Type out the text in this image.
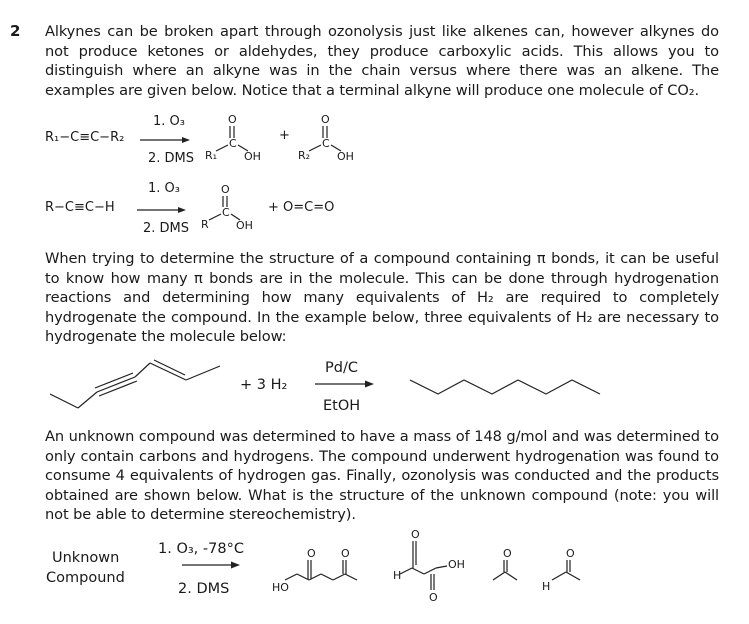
2 Alkynes can be broken apart through ozonolysis just like alkenes can, however alkynes do not produce ketones or aldehydes, they produce carboxylic acids. This allows you to distinguish where an alkyne was in the chain versus where there was an alkene. The examples are given below. Notice that a terminal alkyne will produce one molecule of CO₂.
R₁−C≡C−R₂
1. O₃
2. DMS
O
C
R₁ OH
+
O
C
R₂ OH
R−C≡C−H
1. O₃
2. DMS
O
C
R OH
+ O=C=O
When trying to determine the structure of a compound containing π bonds, it can be useful to know how many π bonds are in the molecule. This can be done through hydrogenation reactions and determining how many equivalents of H₂ are required to completely hydrogenate the compound. In the example below, three equivalents of H₂ are necessary to hydrogenate the molecule below:
+ 3 H₂
Pd/C
EtOH
An unknown compound was determined to have a mass of 148 g/mol and was determined to only contain carbons and hydrogens. The compound underwent hydrogenation was found to consume 4 equivalents of hydrogen gas. Finally, ozonolysis was conducted and the products obtained are shown below. What is the structure of the unknown compound (note: you will not be able to determine stereochemistry).
Unknown
Compound
1. O₃, -78°C
2. DMS	HO
O O
H
O
OH
O
O	O
H
